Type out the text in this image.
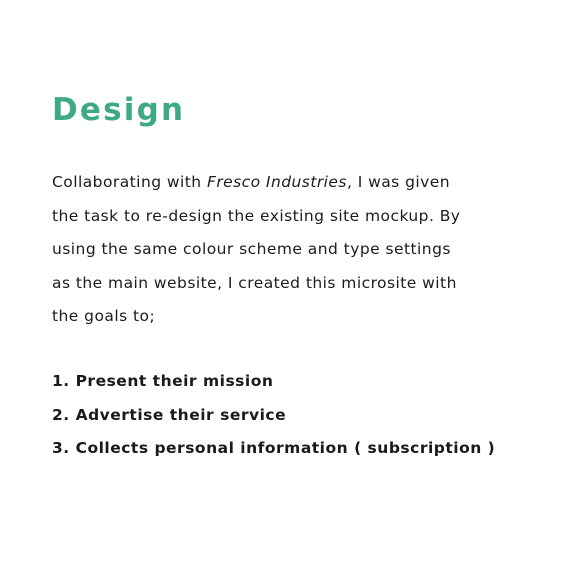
Design

Collaborating with Fresco Industries, I was given
the task to re-design the existing site mockup. By
using the same colour scheme and type settings
as the main website, I created this microsite with
the goals to;

1. Present their mission
2. Advertise their service
3. Collects personal information ( subscription )
